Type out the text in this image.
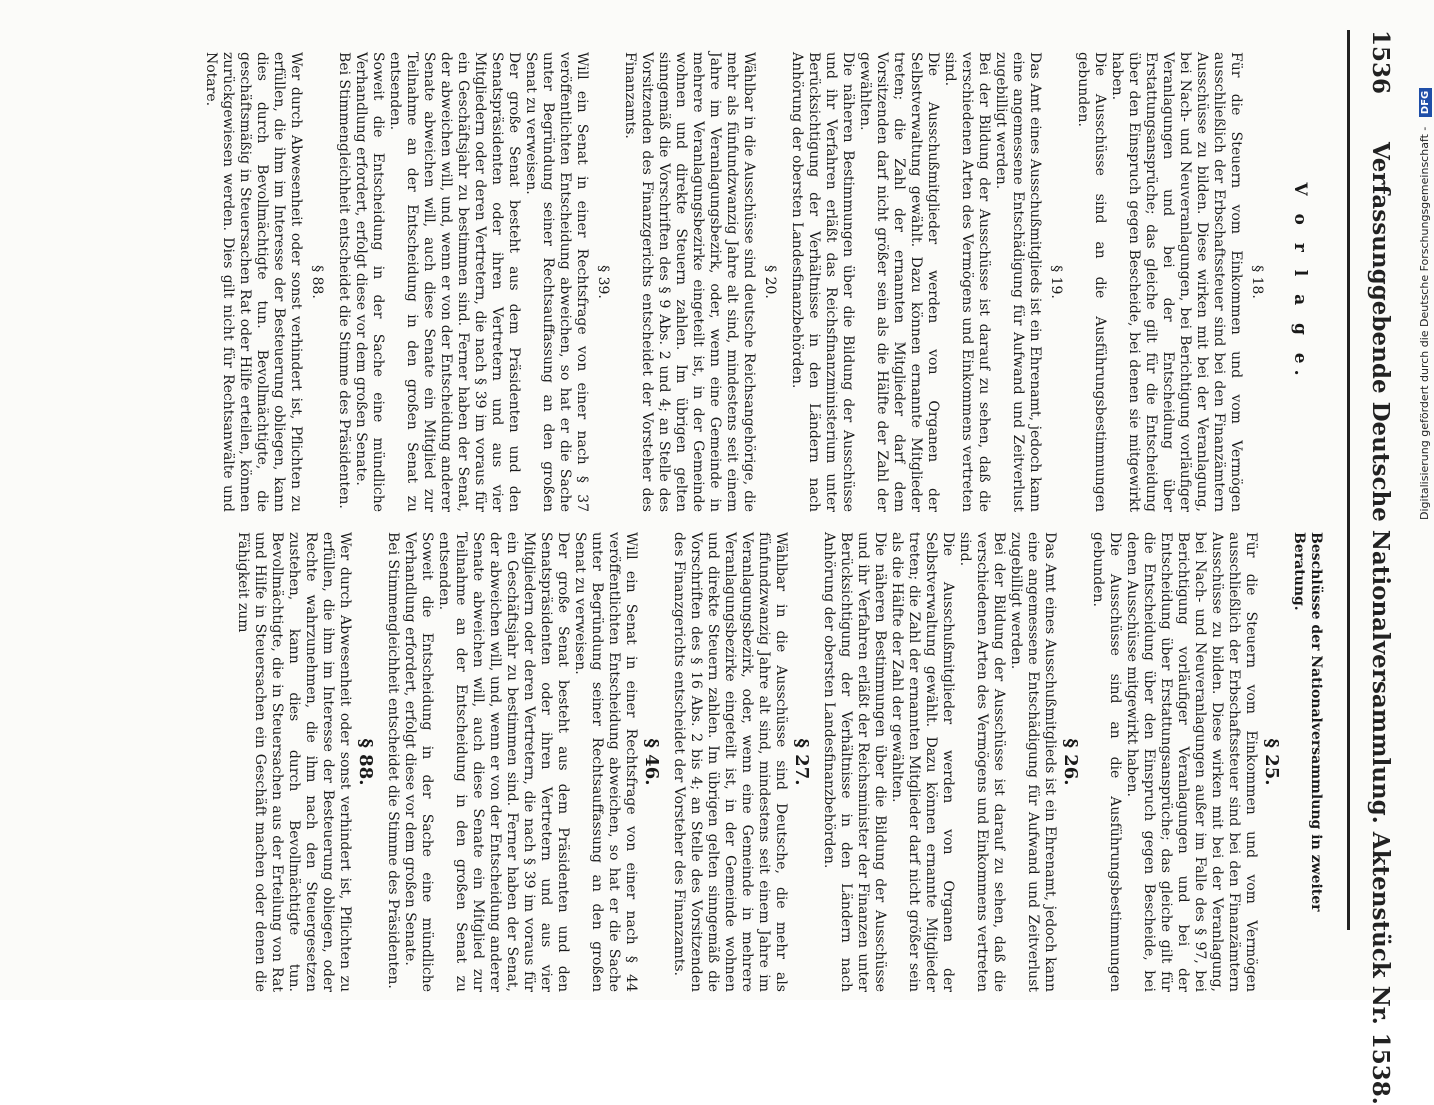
1536
Verfassunggebende Deutsche Nationalversammlung. Aktenstück Nr. 1538.
V o r l a g e.
§ 18.

Für die Steuern vom Einkommen und vom Vermögen ausschließlich der Erbschaftssteuer sind bei den Finanzämtern Ausschüsse zu bilden. Diese wirken mit bei der Veranlagung, bei Nach- und Neuveranlagungen, bei Berichtigung vorläufiger Veranlagungen und bei der Entscheidung über Erstattungsansprüche; das gleiche gilt für die Entscheidung über den Einspruch gegen Bescheide, bei denen sie mitgewirkt haben.

Die Ausschüsse sind an die Ausführungsbestimmungen gebunden.

§ 19.

Das Amt eines Ausschußmitglieds ist ein Ehrenamt, jedoch kann eine angemessene Entschädigung für Aufwand und Zeitverlust zugebilligt werden.

Bei der Bildung der Ausschüsse ist darauf zu sehen, daß die verschiedenen Arten des Vermögens und Einkommens vertreten sind.

Die Ausschußmitglieder werden von Organen der Selbstverwaltung gewählt. Dazu können ernannte Mitglieder treten; die Zahl der ernannten Mitglieder darf dem Vorsitzenden darf nicht größer sein als die Hälfte der Zahl der gewählten.

Die näheren Bestimmungen über die Bildung der Ausschüsse und ihr Verfahren erläßt das Reichsfinanzministerium unter Berücksichtigung der Verhältnisse in den Ländern nach Anhörung der obersten Landesfinanzbehörden.

§ 20.

Wählbar in die Ausschüsse sind deutsche Reichsangehörige, die mehr als fünfundzwanzig Jahre alt sind, mindestens seit einem Jahre im Veranlagungsbezirk, oder, wenn eine Gemeinde in mehrere Veranlagungsbezirke eingeteilt ist, in der Gemeinde wohnen und direkte Steuern zahlen. Im übrigen gelten sinngemäß die Vorschriften des § 9 Abs. 2 und 4; an Stelle des Vorsitzenden des Finanzgerichts entscheidet der Vorsteher des Finanzamts.

§ 39.

Will ein Senat in einer Rechtsfrage von einer nach § 37 veröffentlichten Entscheidung abweichen, so hat er die Sache unter Begründung seiner Rechtsauffassung an den großen Senat zu verweisen.

Der große Senat besteht aus dem Präsidenten und den Senatspräsidenten oder ihren Vertretern und aus vier Mitgliedern oder deren Vertretern, die nach § 39 im voraus für ein Geschäftsjahr zu bestimmen sind. Ferner haben der Senat, der abweichen will, und, wenn er von der Entscheidung anderer Senate abweichen will, auch diese Senate ein Mitglied zur Teilnahme an der Entscheidung in den großen Senat zu entsenden.

Soweit die Entscheidung in der Sache eine mündliche Verhandlung erfordert, erfolgt diese vor dem großen Senate.

Bei Stimmengleichheit entscheidet die Stimme des Präsidenten.

§ 88.

Wer durch Abwesenheit oder sonst verhindert ist, Pflichten zu erfüllen, die ihm im Interesse der Besteuerung obliegen, kann dies durch Bevollmächtigte tun. Bevollmächtigte, die geschäftsmäßig in Steuersachen Rat oder Hilfe erteilen, können zurückgewiesen werden. Dies gilt nicht für Rechtsanwälte und Notare.

Beschlüsse der Nationalversammlung in zweiter Beratung.
§ 25.

Für die Steuern vom Einkommen und vom Vermögen ausschließlich der Erbschaftssteuer sind bei den Finanzämtern Ausschüsse zu bilden. Diese wirken mit bei der Veranlagung, bei Nach- und Neuveranlagungen außer im Falle des § 97, bei Berichtigung vorläufiger Veranlagungen und bei der Entscheidung über Erstattungsansprüche; das gleiche gilt für die Entscheidung über den Einspruch gegen Bescheide, bei denen Ausschüsse mitgewirkt haben.

Die Ausschüsse sind an die Ausführungsbestimmungen gebunden.

§ 26.

Das Amt eines Ausschußmitglieds ist ein Ehrenamt, jedoch kann eine angemessene Entschädigung für Aufwand und Zeitverlust zugebilligt werden.

Bei der Bildung der Ausschüsse ist darauf zu sehen, daß die verschiedenen Arten des Vermögens und Einkommens vertreten sind.

Die Ausschußmitglieder werden von Organen der Selbstverwaltung gewählt. Dazu können ernannte Mitglieder treten; die Zahl der ernannten Mitglieder darf nicht größer sein als die Hälfte der Zahl der gewählten.

Die näheren Bestimmungen über die Bildung der Ausschüsse und ihr Verfahren erläßt der Reichsminister der Finanzen unter Berücksichtigung der Verhältnisse in den Ländern nach Anhörung der obersten Landesfinanzbehörden.

§ 27.

Wählbar in die Ausschüsse sind Deutsche, die mehr als fünfundzwanzig Jahre alt sind, mindestens seit einem Jahre im Veranlagungsbezirk, oder, wenn eine Gemeinde in mehrere Veranlagungsbezirke eingeteilt ist, in der Gemeinde wohnen und direkte Steuern zahlen. Im übrigen gelten sinngemäß die Vorschriften des § 16 Abs. 2 bis 4; an Stelle des Vorsitzenden des Finanzgerichts entscheidet der Vorsteher des Finanzamts.

§ 46.

Will ein Senat in einer Rechtsfrage von einer nach § 44 veröffentlichten Entscheidung abweichen, so hat er die Sache unter Begründung seiner Rechtsauffassung an den großen Senat zu verweisen.

Der große Senat besteht aus dem Präsidenten und den Senatspräsidenten oder ihren Vertretern und aus vier Mitgliedern oder deren Vertretern, die nach § 39 im voraus für ein Geschäftsjahr zu bestimmen sind. Ferner haben der Senat, der abweichen will, und, wenn er von der Entscheidung anderer Senate abweichen will, auch diese Senate ein Mitglied zur Teilnahme an der Entscheidung in den großen Senat zu entsenden.

Soweit die Entscheidung in der Sache eine mündliche Verhandlung erfordert, erfolgt diese vor dem großen Senate.

Bei Stimmengleichheit entscheidet die Stimme des Präsidenten.

§ 88.

Wer durch Abwesenheit oder sonst verhindert ist, Pflichten zu erfüllen, die ihm im Interesse der Besteuerung obliegen, oder Rechte wahrzunehmen, die ihm nach den Steuergesetzen zustehen, kann dies durch Bevollmächtigte tun. Bevollmächtigte, die in Steuersachen aus der Erteilung von Rat und Hilfe in Steuersachen ein Geschäft machen oder denen die Fähigkeit zum

Digitalisierung gefördert durch die Deutsche Forschungsgemeinschaft - DFG
